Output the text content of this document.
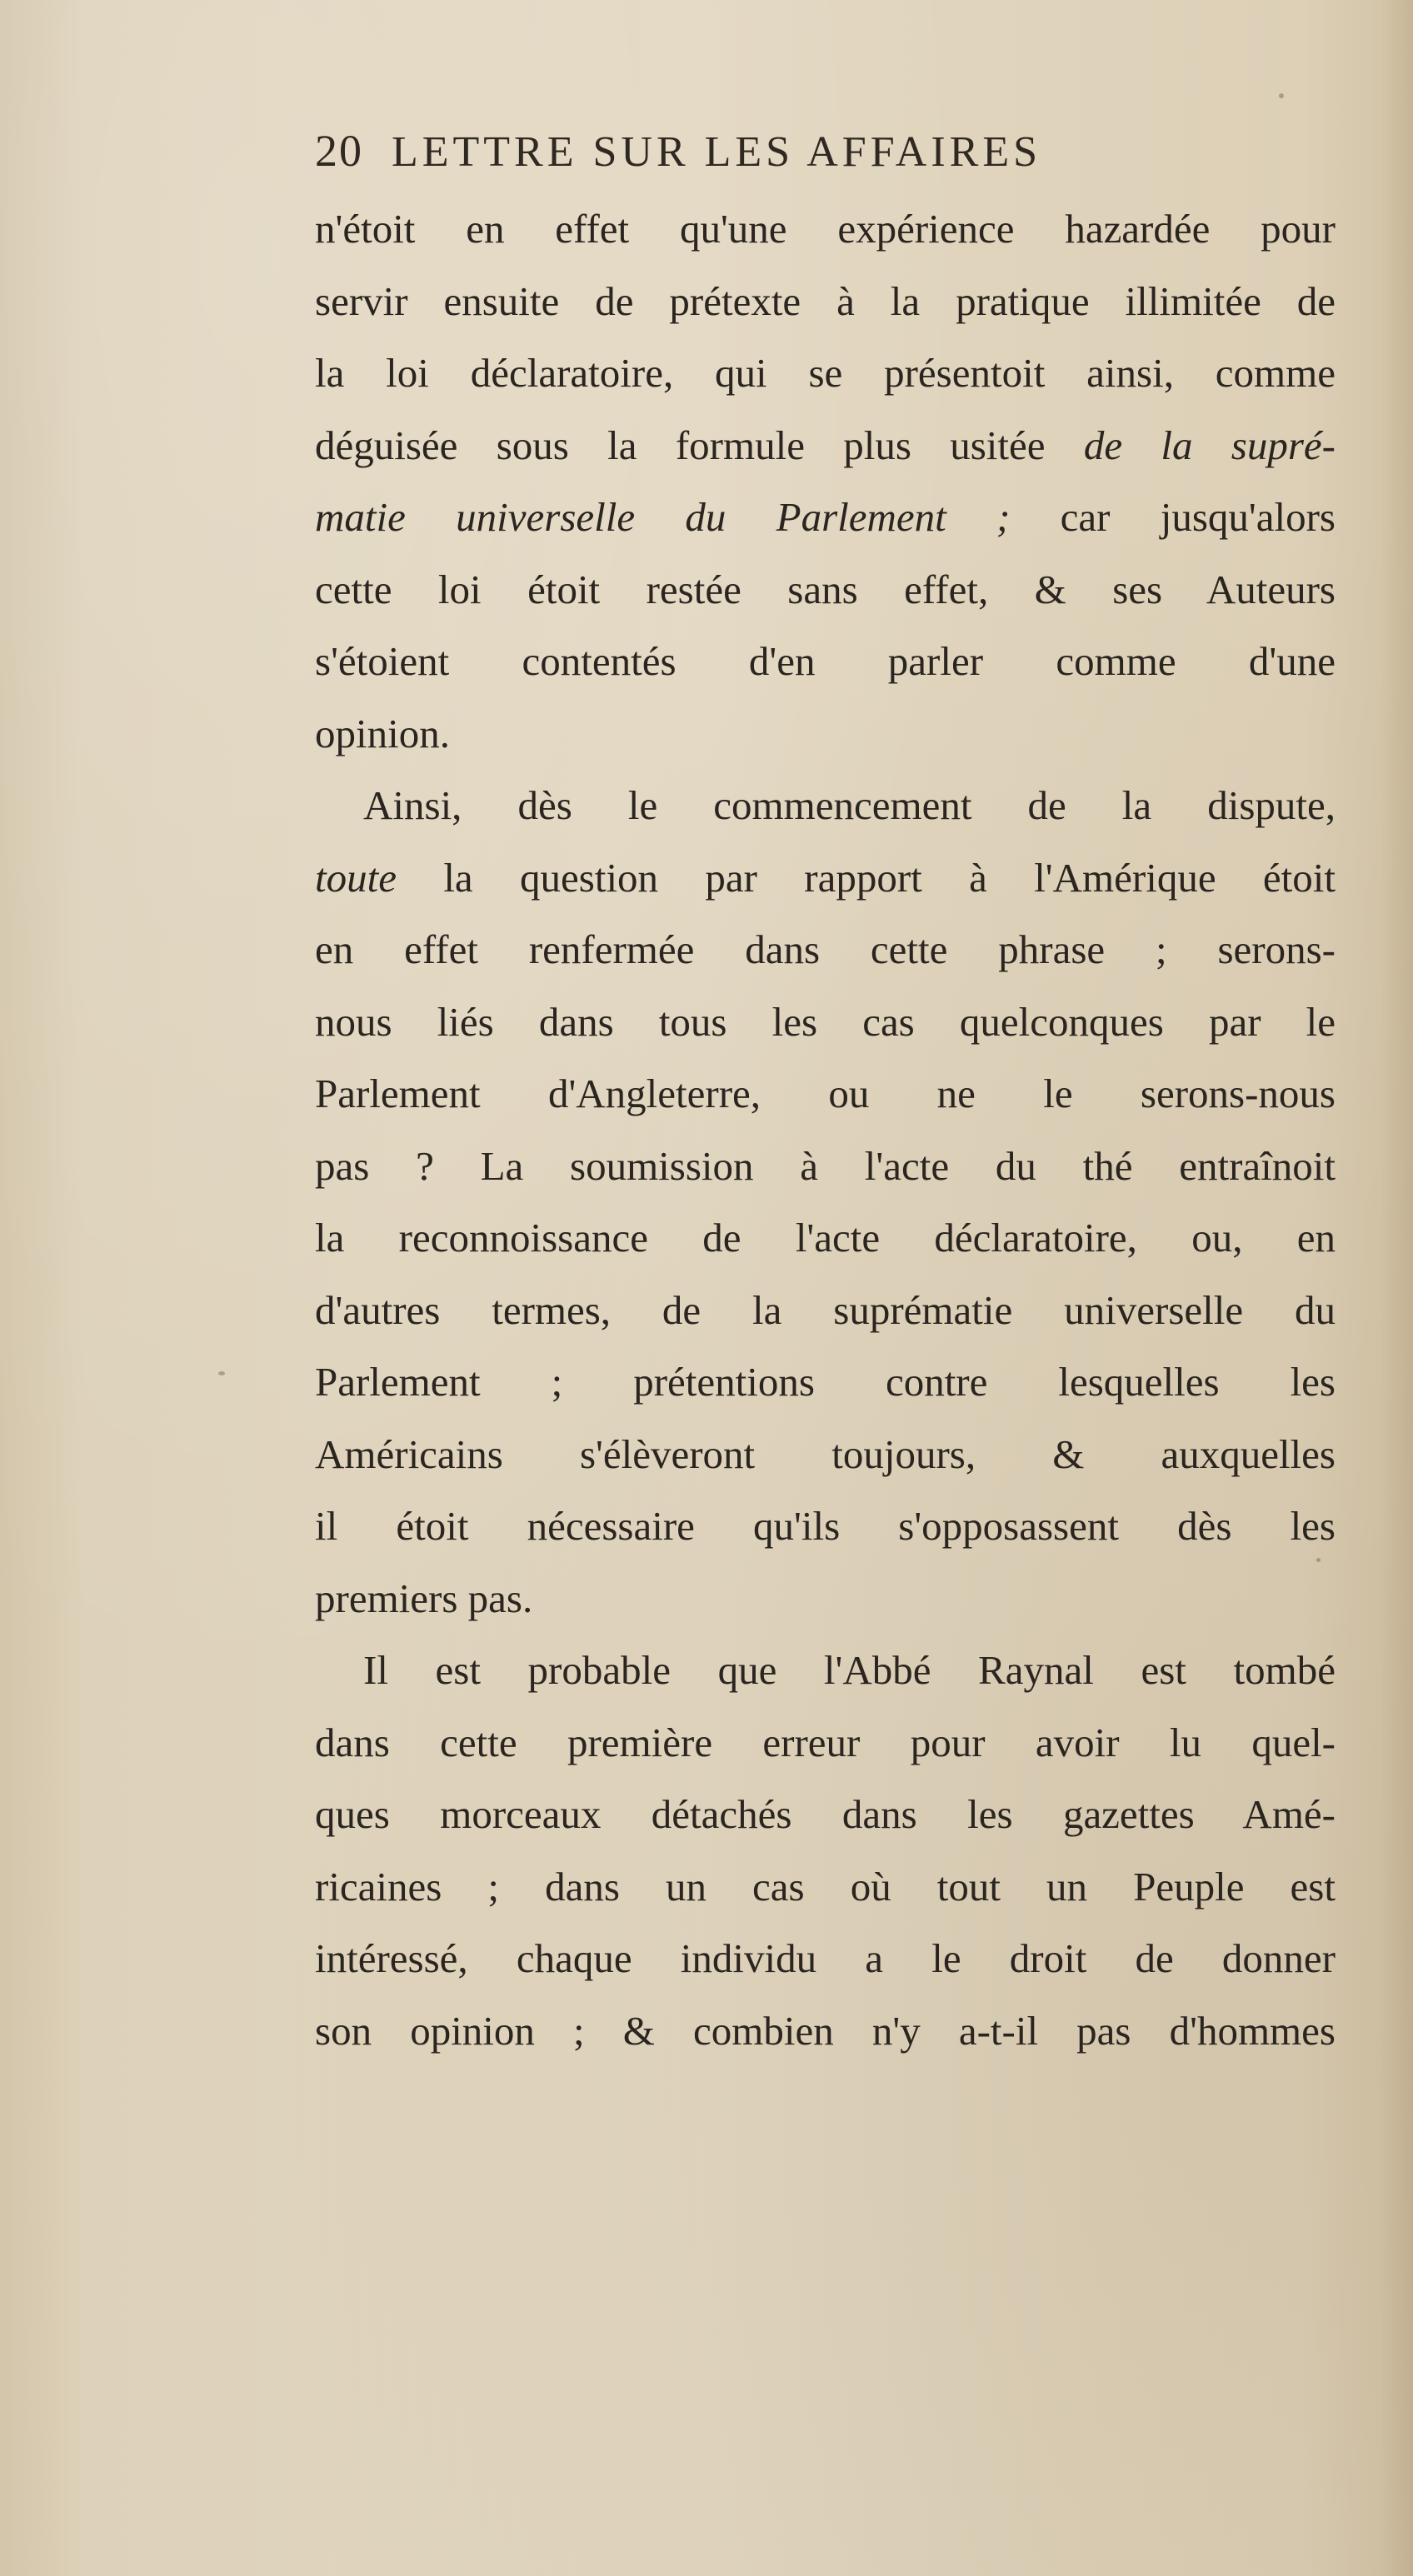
20 LETTRE SUR LES AFFAIRES
n'étoit en effet qu'une expérience hazardée pour
servir ensuite de prétexte à la pratique illimitée de
la loi déclaratoire, qui se présentoit ainsi, comme
déguisée sous la formule plus usitée de la supré-
matie universelle du Parlement ; car jusqu'alors
cette loi étoit restée sans effet, & ses Auteurs
s'étoient contentés d'en parler comme d'une
opinion.
Ainsi, dès le commencement de la dispute,
toute la question par rapport à l'Amérique étoit
en effet renfermée dans cette phrase ; serons-
nous liés dans tous les cas quelconques par le
Parlement d'Angleterre, ou ne le serons-nous
pas ? La soumission à l'acte du thé entraînoit
la reconnoissance de l'acte déclaratoire, ou, en
d'autres termes, de la suprématie universelle du
Parlement ; prétentions contre lesquelles les
Américains s'élèveront toujours, & auxquelles
il étoit nécessaire qu'ils s'opposassent dès les
premiers pas.
Il est probable que l'Abbé Raynal est tombé
dans cette première erreur pour avoir lu quel-
ques morceaux détachés dans les gazettes Amé-
ricaines ; dans un cas où tout un Peuple est
intéressé, chaque individu a le droit de donner
son opinion ; & combien n'y a-t-il pas d'hommes
